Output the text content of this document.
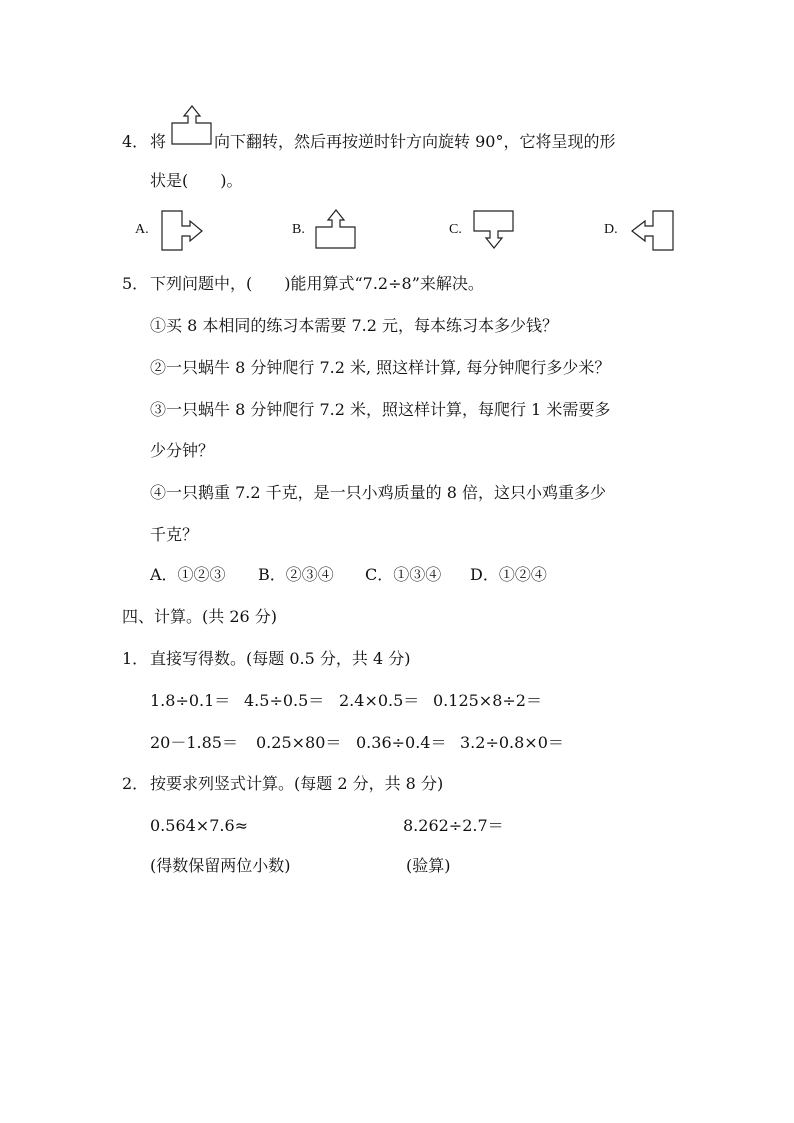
4． 将	向下翻转，然后再按逆时针方向旋转 90°，它将呈现的形
状是(　　)。
A.	B.	C.	D.
5． 下列问题中，(　　)能用算式“7.2÷8”来解决。
①买 8 本相同的练习本需要 7.2 元，每本练习本多少钱？
②一只蜗牛 8 分钟爬行 7.2 米, 照这样计算, 每分钟爬行多少米？
③一只蜗牛 8 分钟爬行 7.2 米，照这样计算，每爬行 1 米需要多
少分钟？
④一只鹅重 7.2 千克，是一只小鸡质量的 8 倍，这只小鸡重多少
千克？
A．①②③ B．②③④ C．①③④ D．①②④
四、计算。(共 26 分)
1． 直接写得数。(每题 0.5 分，共 4 分)
1.8÷0.1＝ 4.5÷0.5＝ 2.4×0.5＝ 0.125×8÷2＝
20－1.85＝ 0.25×80＝ 0.36÷0.4＝ 3.2÷0.8×0＝
2． 按要求列竖式计算。(每题 2 分，共 8 分)
0.564×7.6≈	8.262÷2.7＝
(得数保留两位小数)	(验算)
